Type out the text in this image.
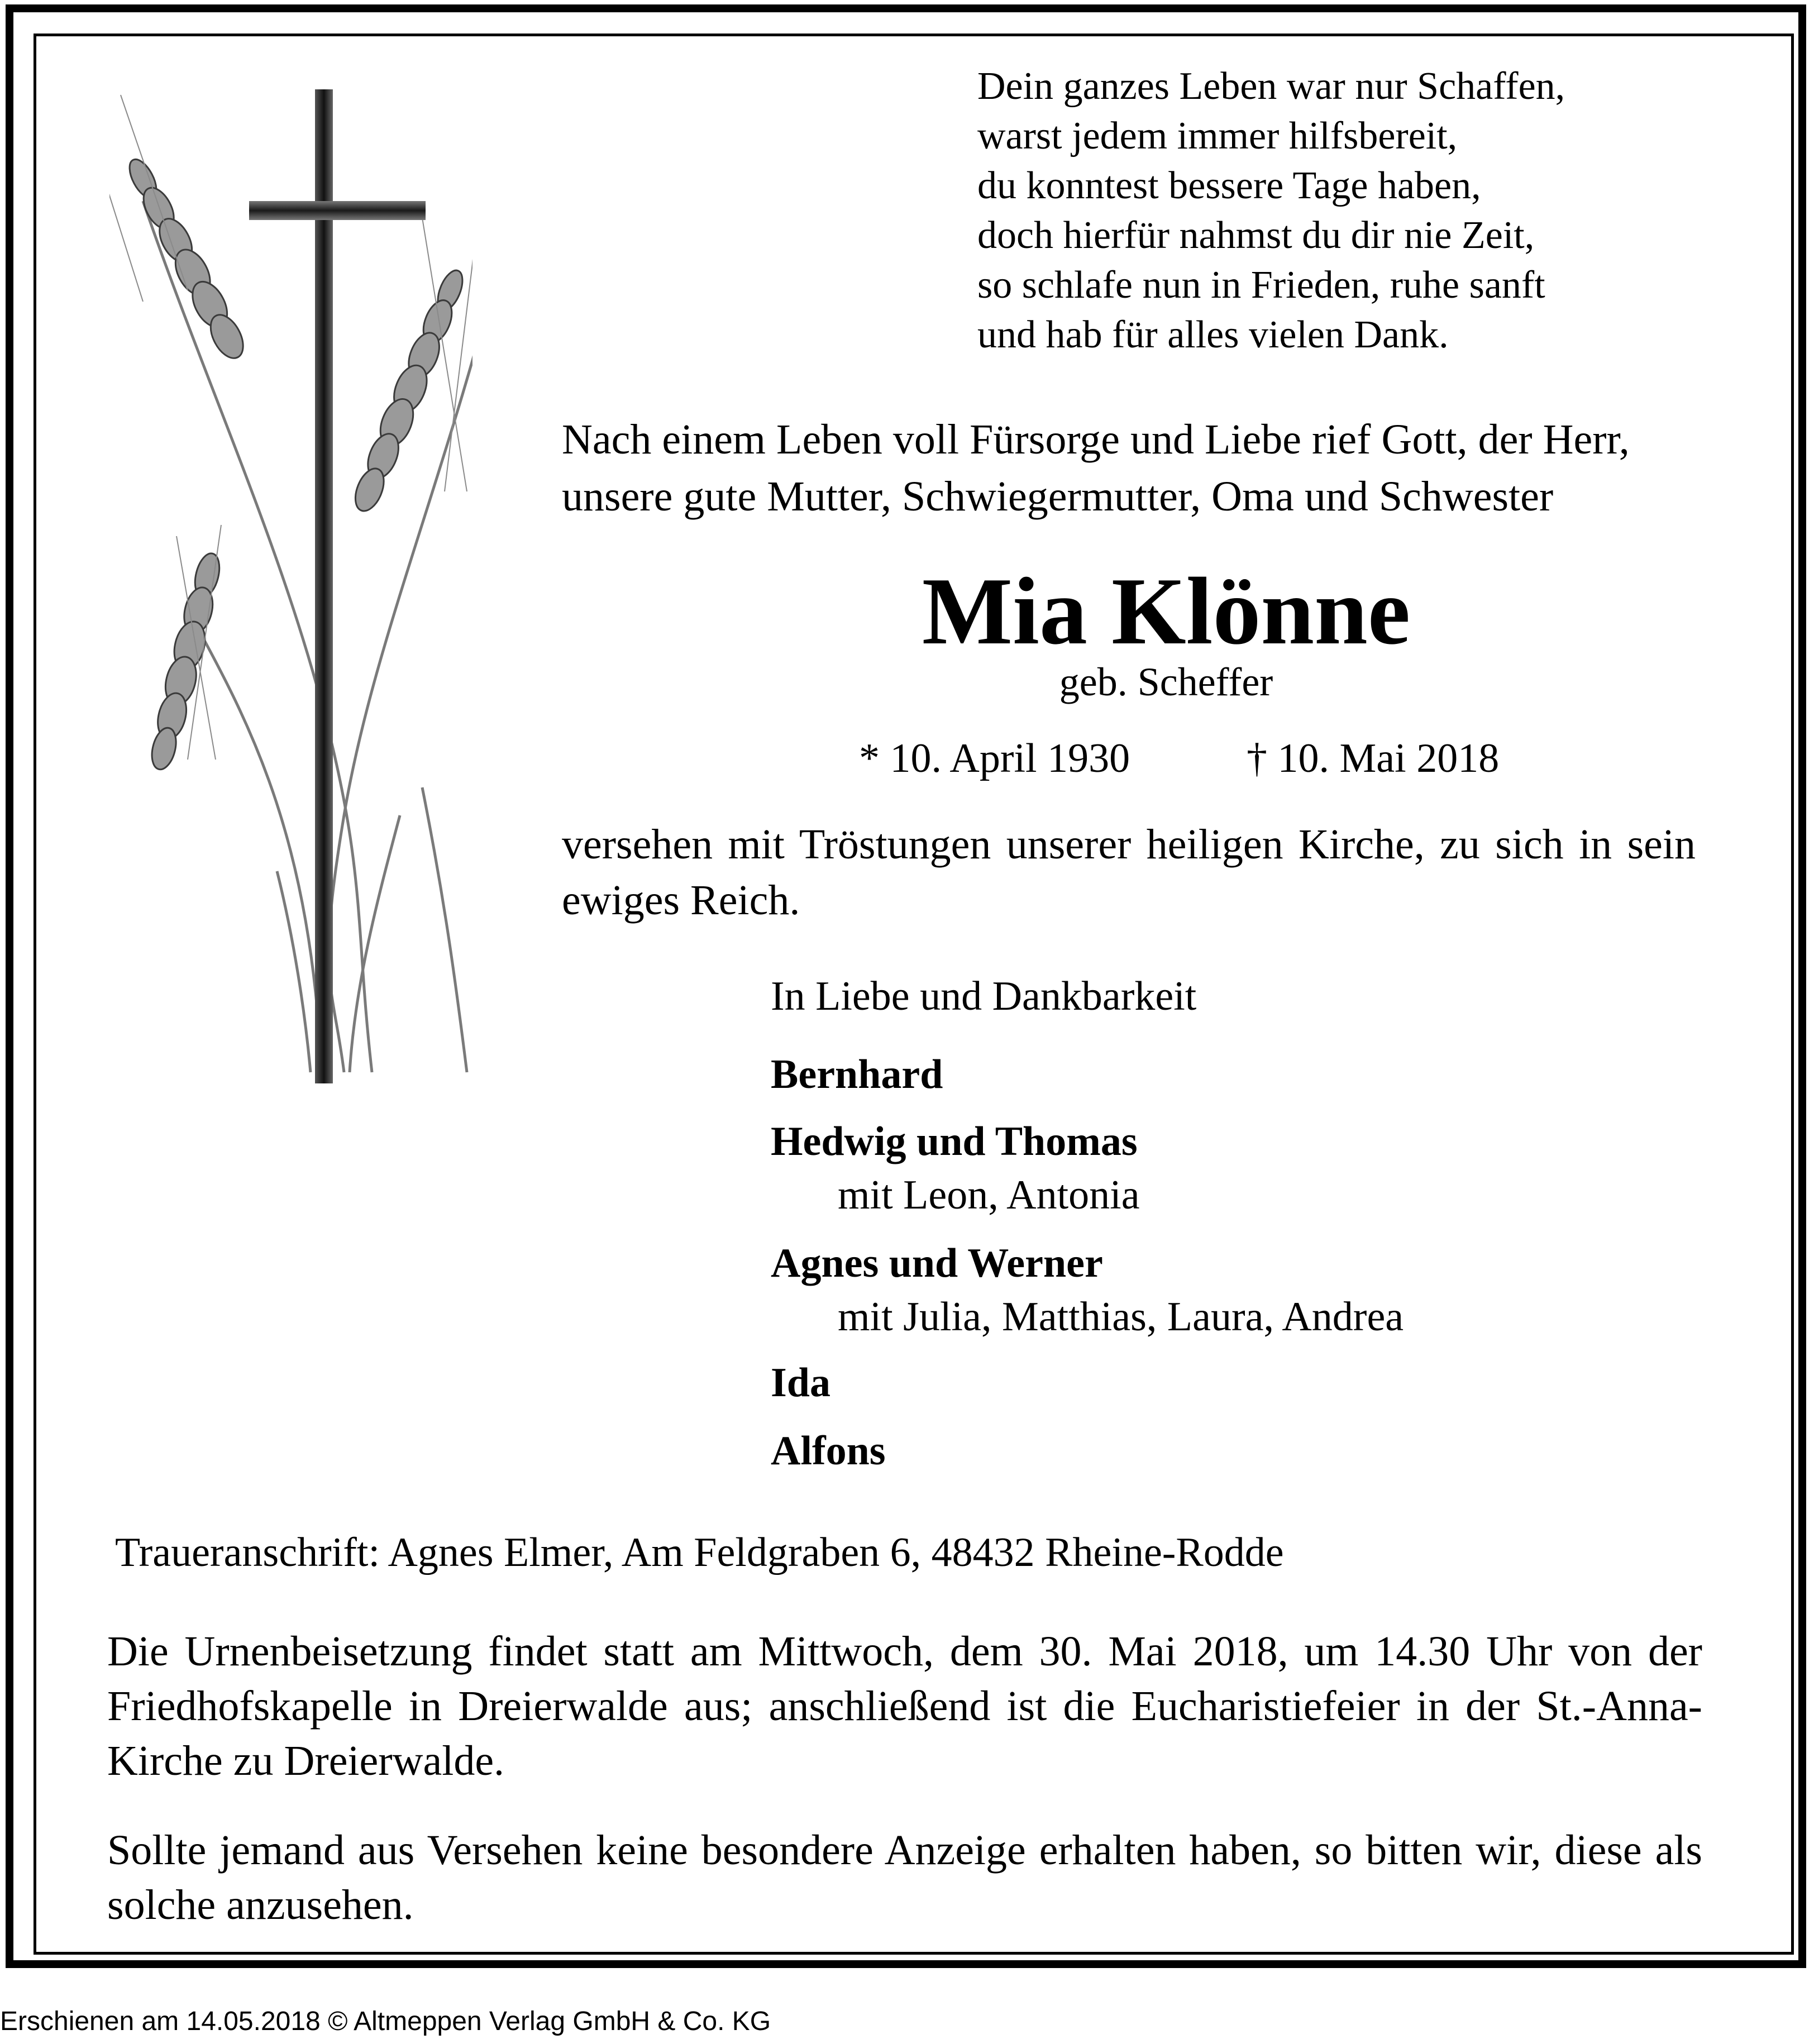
Dein ganzes Leben war nur Schaffen,
warst jedem immer hilfsbereit,
du konntest bessere Tage haben,
doch hierfür nahmst du dir nie Zeit,
so schlafe nun in Frieden, ruhe sanft
und hab für alles vielen Dank.
Nach einem Leben voll Fürsorge und Liebe rief Gott, der Herr,
unsere gute Mutter, Schwiegermutter, Oma und Schwester
Mia Klönne
geb. Scheffer
* 10. April 1930	† 10. Mai 2018
versehen mit Tröstungen unserer heiligen Kirche, zu sich in sein ewiges Reich.
In Liebe und Dankbarkeit
Bernhard
Hedwig und Thomas
mit Leon, Antonia
Agnes und Werner
mit Julia, Matthias, Laura, Andrea
Ida
Alfons
Traueranschrift: Agnes Elmer, Am Feldgraben 6, 48432 Rheine-Rodde
Die Urnenbeisetzung findet statt am Mittwoch, dem 30. Mai 2018, um 14.30 Uhr von der Friedhofskapelle in Dreierwalde aus; anschließend ist die Eucharistiefeier in der St.-Anna-Kirche zu Dreierwalde.
Sollte jemand aus Versehen keine besondere Anzeige erhalten haben, so bitten wir, diese als solche anzusehen.
Erschienen am 14.05.2018 © Altmeppen Verlag GmbH & Co. KG
